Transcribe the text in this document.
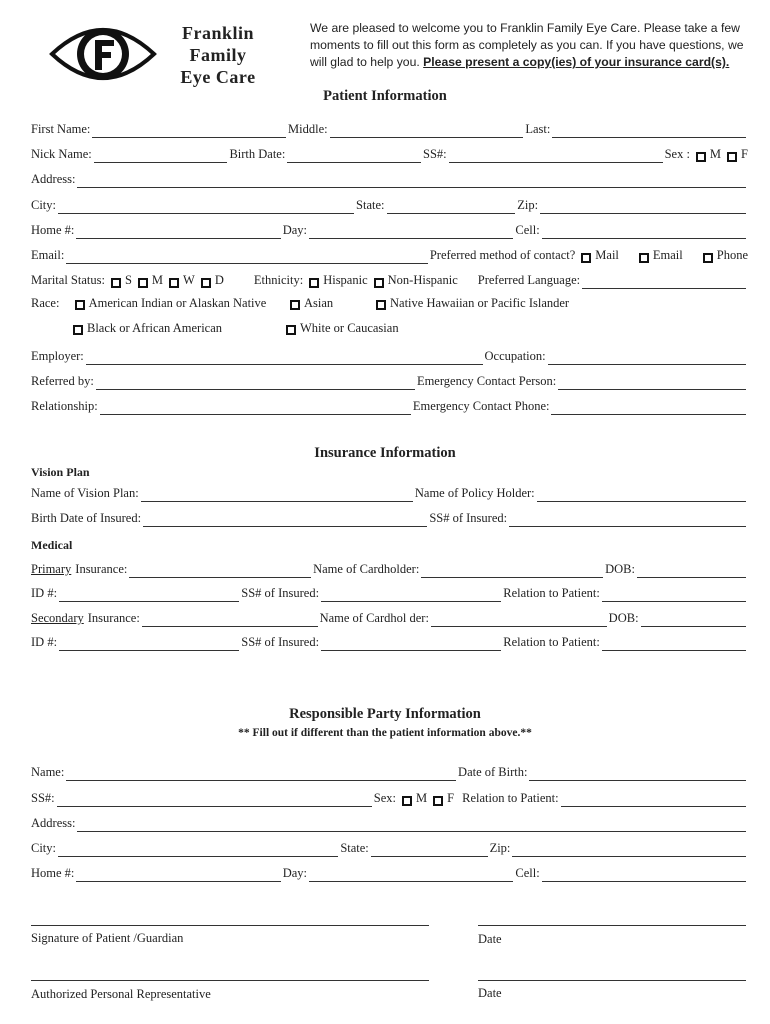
Franklin
Family
Eye Care
We are pleased to welcome you to Franklin Family Eye Care. Please take a few moments to fill out this form as completely as you can. If you have questions, we will glad to help you. Please present a copy(ies) of your insurance card(s).
Patient Information
First Name:	Middle:	Last:
Nick Name:	Birth Date:	SS#:	Sex : M F
Address:
City:	State:	Zip:
Home #:	Day:	Cell:
Email:	Preferred method of contact? Mail	Email	Phone
Marital Status: S M W D Ethnicity: Hispanic Non-Hispanic Preferred Language:
Race: American Indian or Alaskan Native	Asian	Native Hawaiian or Pacific Islander
Black or African American	White or Caucasian
Employer:	Occupation:
Referred by:	Emergency Contact Person:
Relationship:	Emergency Contact Phone:
Insurance Information
Vision Plan
Name of Vision Plan:	Name of Policy Holder:
Birth Date of Insured:	SS# of Insured:
Medical
Primary Insurance:	Name of Cardholder:	DOB:
ID #:	SS# of Insured:	Relation to Patient:
Secondary Insurance:	Name of Cardhol der:	DOB:
ID #:	SS# of Insured:	Relation to Patient:
Responsible Party Information
** Fill out if different than the patient information above.**
Name:	Date of Birth:
SS#:	Sex: M F Relation to Patient:
Address:
City:	State:	Zip:
Home #:	Day:	Cell:
Signature of Patient /Guardian	Date
Authorized Personal Representative	Date
